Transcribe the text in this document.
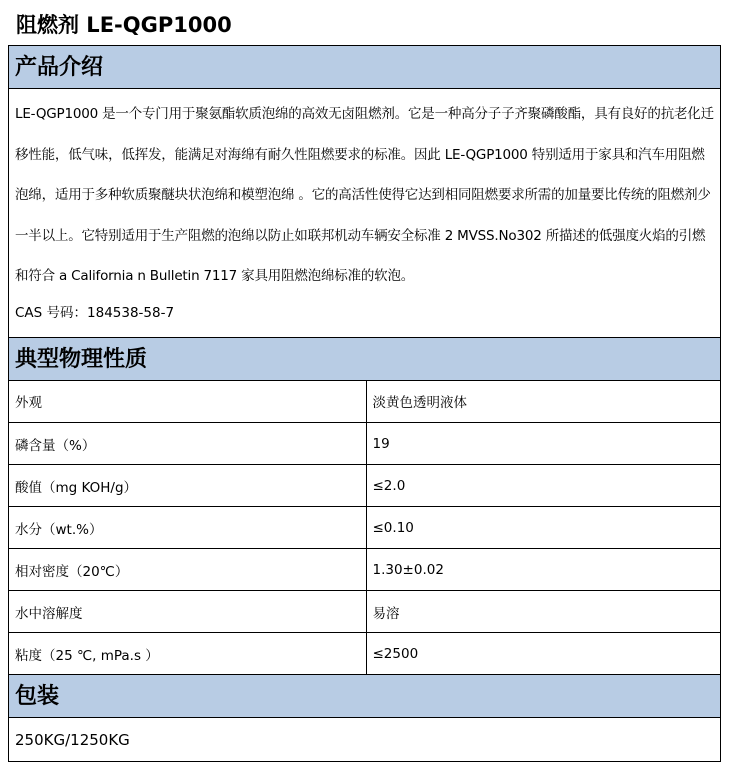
阻燃剂 LE-QGP1000
产品介绍

LE-QGP1000 是一个专门用于聚氨酯软质泡绵的高效无卤阻燃剂。它是一种高分子子齐聚磷酸酯，具有良好的抗老化迁移性能，低气味，低挥发，能满足对海绵有耐久性阻燃要求的标准。因此 LE-QGP1000 特别适用于家具和汽车用阻燃泡绵，适用于多种软质聚醚块状泡绵和模塑泡绵 。它的高活性使得它达到相同阻燃要求所需的加量要比传统的阻燃剂少一半以上。它特别适用于生产阻燃的泡绵以防止如联邦机动车辆安全标准 2 MVSS.No302 所描述的低强度火焰的引燃和符合 a California n Bulletin 7117 家具用阻燃泡绵标准的软泡。

CAS 号码：184538-58-7
典型物理性质
外观	淡黄色透明液体
磷含量（%）	19
酸值（mg KOH/g）	≤2.0
水分（wt.%）	≤0.10
相对密度（20℃）	1.30±0.02
水中溶解度	易溶
粘度（25 ℃, mPa.s ）	≤2500
包装
250KG/1250KG
